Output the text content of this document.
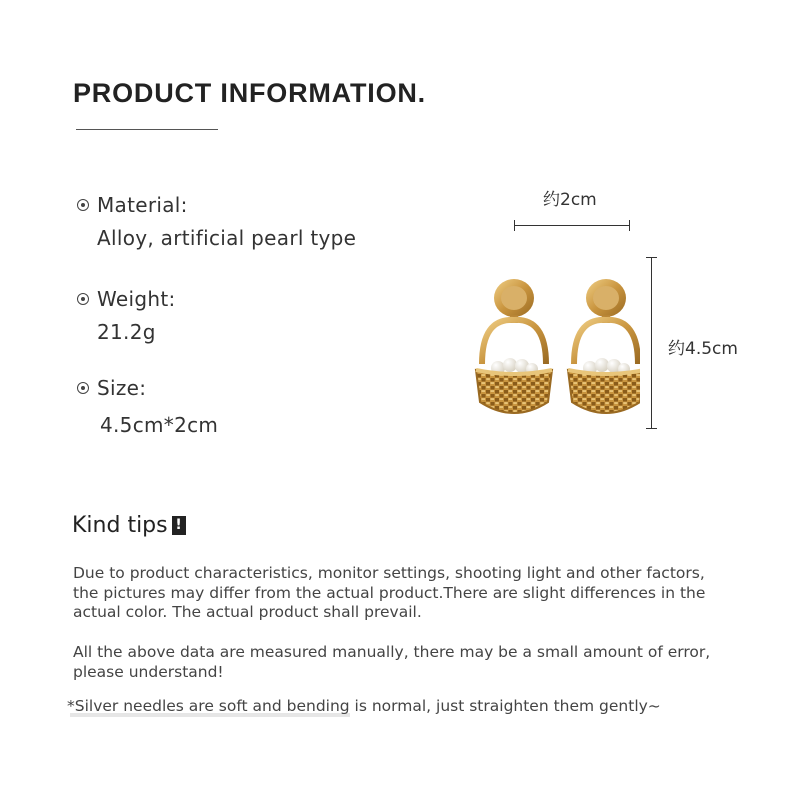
PRODUCT INFORMATION.
Material:
Alloy, artificial pearl type
Weight:
21.2g
Size:
4.5cm*2cm
约2cm
约4.5cm
Kind tips !

Due to product characteristics, monitor settings, shooting light and other factors, the pictures may differ from the actual product.There are slight differences in the actual color. The actual product shall prevail.

All the above data are measured manually, there may be a small amount of error, please understand!

*Silver needles are soft and bending is normal, just straighten them gently~
